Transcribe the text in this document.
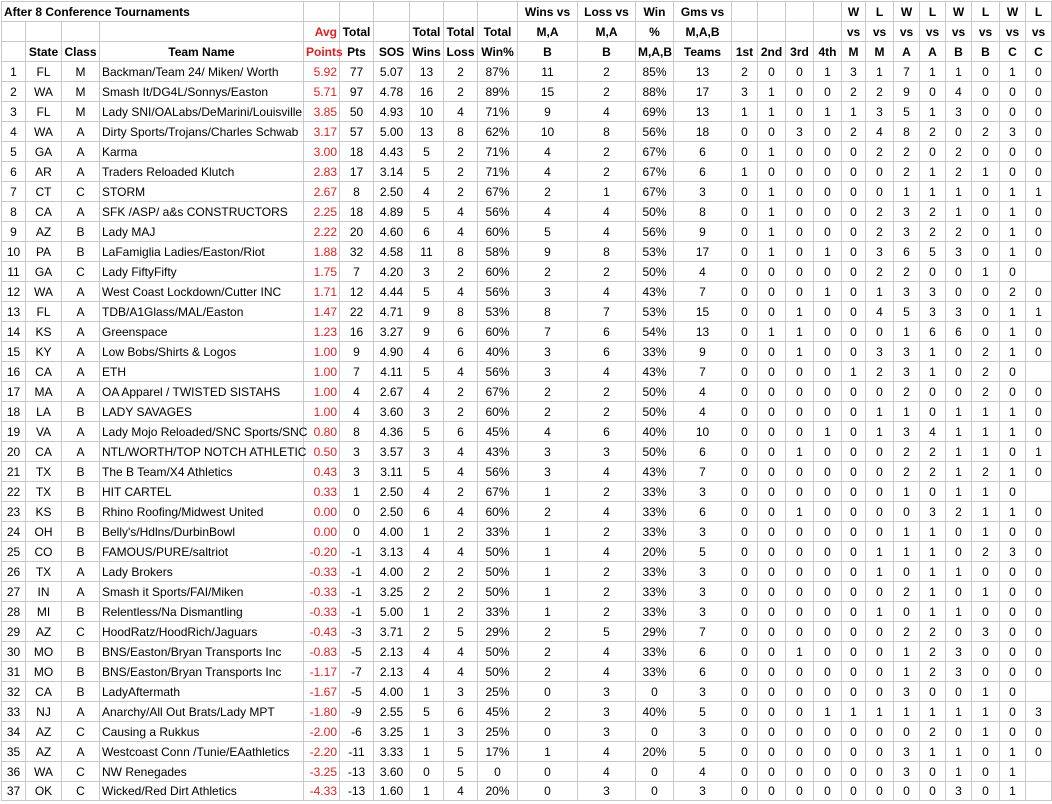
After 8 Conference Tournaments										Wins vs	Loss vs	Win	Gms vs					W	L	W	L	W	L	W	L
				Avg	Total		Total	Total	Total	M,A	M,A	%	M,A,B					vs	vs	vs	vs	vs	vs	vs	vs
	State	Class	Team Name	Points	Pts	SOS	Wins	Loss	Win%	B	B	M,A,B	Teams	1st	2nd	3rd	4th	M	M	A	A	B	B	C	C
1	FL	M	Backman/Team 24/ Miken/ Worth	5.92	77	5.07	13	2	87%	11	2	85%	13	2	0	0	1	3	1	7	1	1	0	1	0
2	WA	M	Smash It/DG4L/Sonnys/Easton	5.71	97	4.78	16	2	89%	15	2	88%	17	3	1	0	0	2	2	9	0	4	0	0	0
3	FL	M	Lady SNI/OALabs/DeMarini/Louisville	3.85	50	4.93	10	4	71%	9	4	69%	13	1	1	0	1	1	3	5	1	3	0	0	0
4	WA	A	Dirty Sports/Trojans/Charles Schwab	3.17	57	5.00	13	8	62%	10	8	56%	18	0	0	3	0	2	4	8	2	0	2	3	0
5	GA	A	Karma	3.00	18	4.43	5	2	71%	4	2	67%	6	0	1	0	0	0	2	2	0	2	0	0	0
6	AR	A	Traders Reloaded Klutch	2.83	17	3.14	5	2	71%	4	2	67%	6	1	0	0	0	0	0	2	1	2	1	0	0
7	CT	C	STORM	2.67	8	2.50	4	2	67%	2	1	67%	3	0	1	0	0	0	0	1	1	1	0	1	1
8	CA	A	SFK /ASP/ a&s CONSTRUCTORS	2.25	18	4.89	5	4	56%	4	4	50%	8	0	1	0	0	0	2	3	2	1	0	1	0
9	AZ	B	Lady MAJ	2.22	20	4.60	6	4	60%	5	4	56%	9	0	1	0	0	0	2	3	2	2	0	1	0
10	PA	B	LaFamiglia Ladies/Easton/Riot	1.88	32	4.58	11	8	58%	9	8	53%	17	0	1	0	1	0	3	6	5	3	0	1	0
11	GA	C	Lady FiftyFifty	1.75	7	4.20	3	2	60%	2	2	50%	4	0	0	0	0	0	2	2	0	0	1	0	
12	WA	A	West Coast Lockdown/Cutter INC	1.71	12	4.44	5	4	56%	3	4	43%	7	0	0	0	1	0	1	3	3	0	0	2	0
13	FL	A	TDB/A1Glass/MAL/Easton	1.47	22	4.71	9	8	53%	8	7	53%	15	0	0	1	0	0	4	5	3	3	0	1	1
14	KS	A	Greenspace	1.23	16	3.27	9	6	60%	7	6	54%	13	0	1	1	0	0	0	1	6	6	0	1	0
15	KY	A	Low Bobs/Shirts & Logos	1.00	9	4.90	4	6	40%	3	6	33%	9	0	0	1	0	0	3	3	1	0	2	1	0
16	CA	A	ETH	1.00	7	4.11	5	4	56%	3	4	43%	7	0	0	0	0	1	2	3	1	0	2	0	
17	MA	A	OA Apparel / TWISTED SISTAHS	1.00	4	2.67	4	2	67%	2	2	50%	4	0	0	0	0	0	0	2	0	0	2	0	0
18	LA	B	LADY SAVAGES	1.00	4	3.60	3	2	60%	2	2	50%	4	0	0	0	0	0	1	1	0	1	1	1	0
19	VA	A	Lady Mojo Reloaded/SNC Sports/SNC	0.80	8	4.36	5	6	45%	4	6	40%	10	0	0	0	1	0	1	3	4	1	1	1	0
20	CA	A	NTL/WORTH/TOP NOTCH ATHLETIC	0.50	3	3.57	3	4	43%	3	3	50%	6	0	0	1	0	0	0	2	2	1	1	0	1
21	TX	B	The B Team/X4 Athletics	0.43	3	3.11	5	4	56%	3	4	43%	7	0	0	0	0	0	0	2	2	1	2	1	0
22	TX	B	HIT CARTEL	0.33	1	2.50	4	2	67%	1	2	33%	3	0	0	0	0	0	0	1	0	1	1	0	
23	KS	B	Rhino Roofing/Midwest United	0.00	0	2.50	6	4	60%	2	4	33%	6	0	0	1	0	0	0	0	3	2	1	1	0
24	OH	B	Belly's/Hdlns/DurbinBowl	0.00	0	4.00	1	2	33%	1	2	33%	3	0	0	0	0	0	0	1	1	0	1	0	0
25	CO	B	FAMOUS/PURE/saltriot	-0.20	-1	3.13	4	4	50%	1	4	20%	5	0	0	0	0	0	1	1	1	0	2	3	0
26	TX	A	Lady Brokers	-0.33	-1	4.00	2	2	50%	1	2	33%	3	0	0	0	0	0	1	0	1	1	0	0	0
27	IN	A	Smash it Sports/FAI/Miken	-0.33	-1	3.25	2	2	50%	1	2	33%	3	0	0	0	0	0	0	2	1	0	1	0	0
28	MI	B	Relentless/Na Dismantling	-0.33	-1	5.00	1	2	33%	1	2	33%	3	0	0	0	0	0	1	0	1	1	0	0	0
29	AZ	C	HoodRatz/HoodRich/Jaguars	-0.43	-3	3.71	2	5	29%	2	5	29%	7	0	0	0	0	0	0	2	2	0	3	0	0
30	MO	B	BNS/Easton/Bryan Transports Inc	-0.83	-5	2.13	4	4	50%	2	4	33%	6	0	0	1	0	0	0	1	2	3	0	0	0
31	MO	B	BNS/Easton/Bryan Transports Inc	-1.17	-7	2.13	4	4	50%	2	4	33%	6	0	0	0	0	0	0	1	2	3	0	0	0
32	CA	B	LadyAftermath	-1.67	-5	4.00	1	3	25%	0	3	0	3	0	0	0	0	0	0	3	0	0	1	0	
33	NJ	A	Anarchy/All Out Brats/Lady MPT	-1.80	-9	2.55	5	6	45%	2	3	40%	5	0	0	0	1	1	1	1	1	1	1	0	3
34	AZ	C	Causing a Rukkus	-2.00	-6	3.25	1	3	25%	0	3	0	3	0	0	0	0	0	0	0	2	0	1	0	0
35	AZ	A	Westcoast Conn /Tunie/EAathletics	-2.20	-11	3.33	1	5	17%	1	4	20%	5	0	0	0	0	0	0	3	1	1	0	1	0
36	WA	C	NW Renegades	-3.25	-13	3.60	0	5	0	0	4	0	4	0	0	0	0	0	0	3	0	1	0	1	
37	OK	C	Wicked/Red Dirt Athletics	-4.33	-13	1.60	1	4	20%	0	3	0	3	0	0	0	0	0	0	0	0	3	0	1	
